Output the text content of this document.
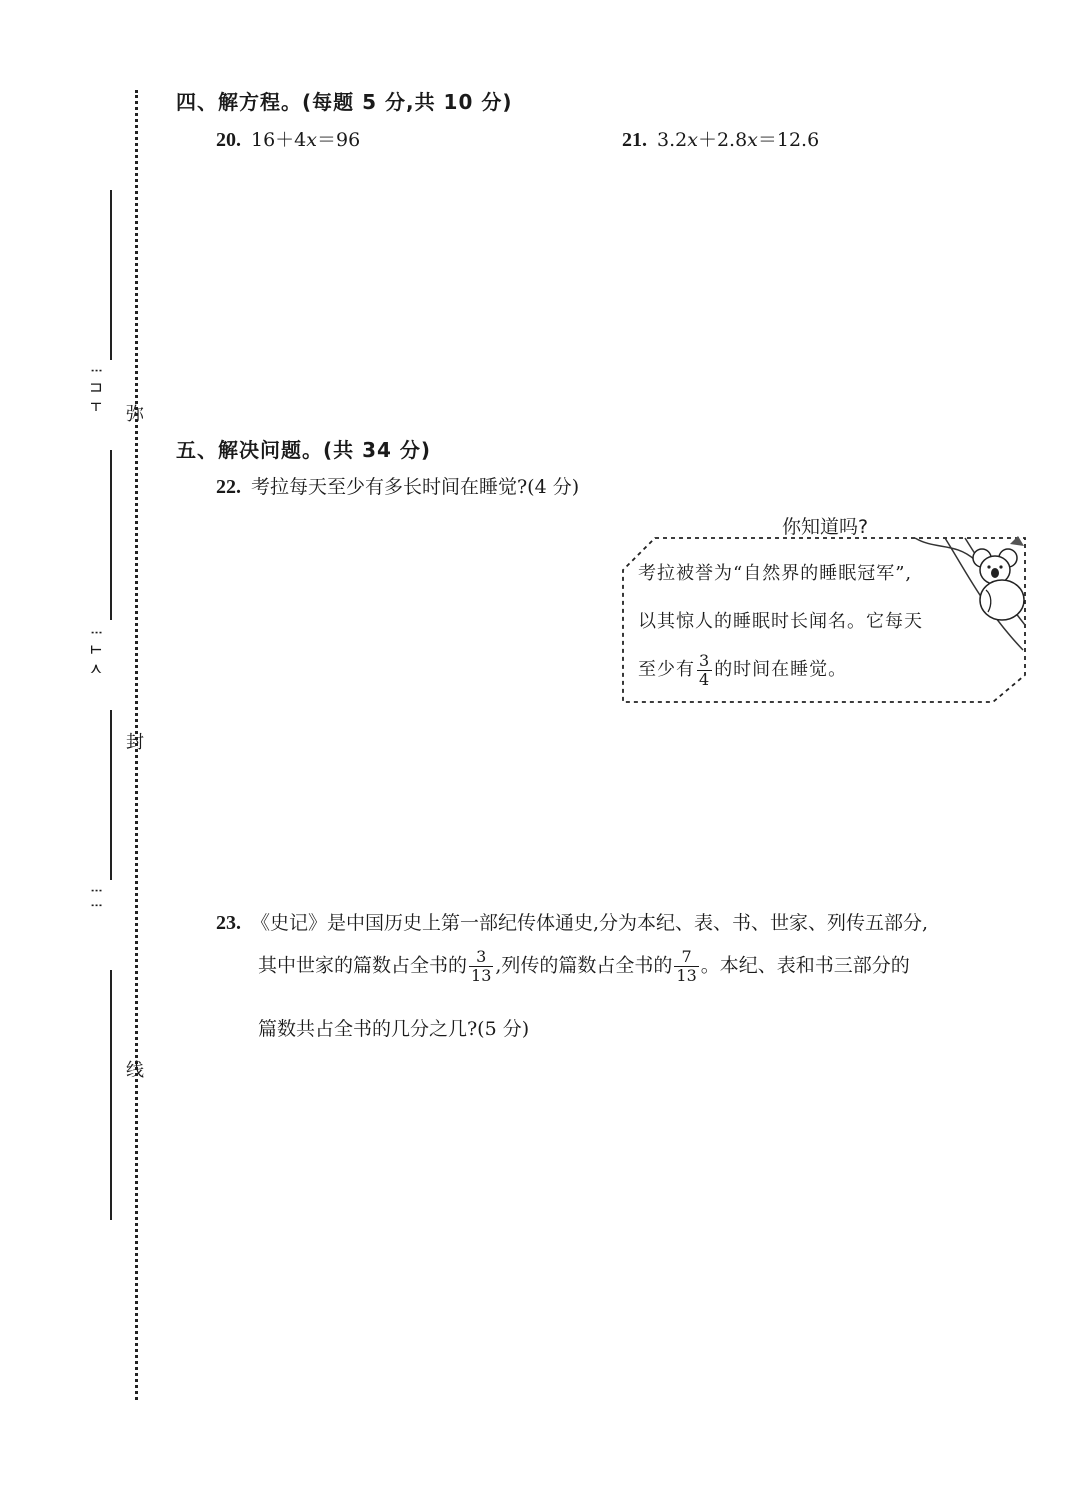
⁝ ⊓ ⊢
⁝ ⊥ ≺
⁝ ⁝
弥
封
线
四、解方程。(每题 5 分,共 10 分)
20. 16＋4x＝96	21. 3.2x＋2.8x＝12.6
五、解决问题。(共 34 分)
22. 考拉每天至少有多长时间在睡觉?(4 分)
你知道吗?
考拉被誉为“自然界的睡眠冠军”,
以其惊人的睡眠时长闻名。它每天
至少有 $\frac{3}{4}$ 的时间在睡觉。
23. 《史记》是中国历史上第一部纪传体通史,分为本纪、表、书、世家、列传五部分,
其中世家的篇数占全书的 $\frac{3}{13}$ ,列传的篇数占全书的 $\frac{7}{13}$ 。本纪、表和书三部分的
篇数共占全书的几分之几?(5 分)
